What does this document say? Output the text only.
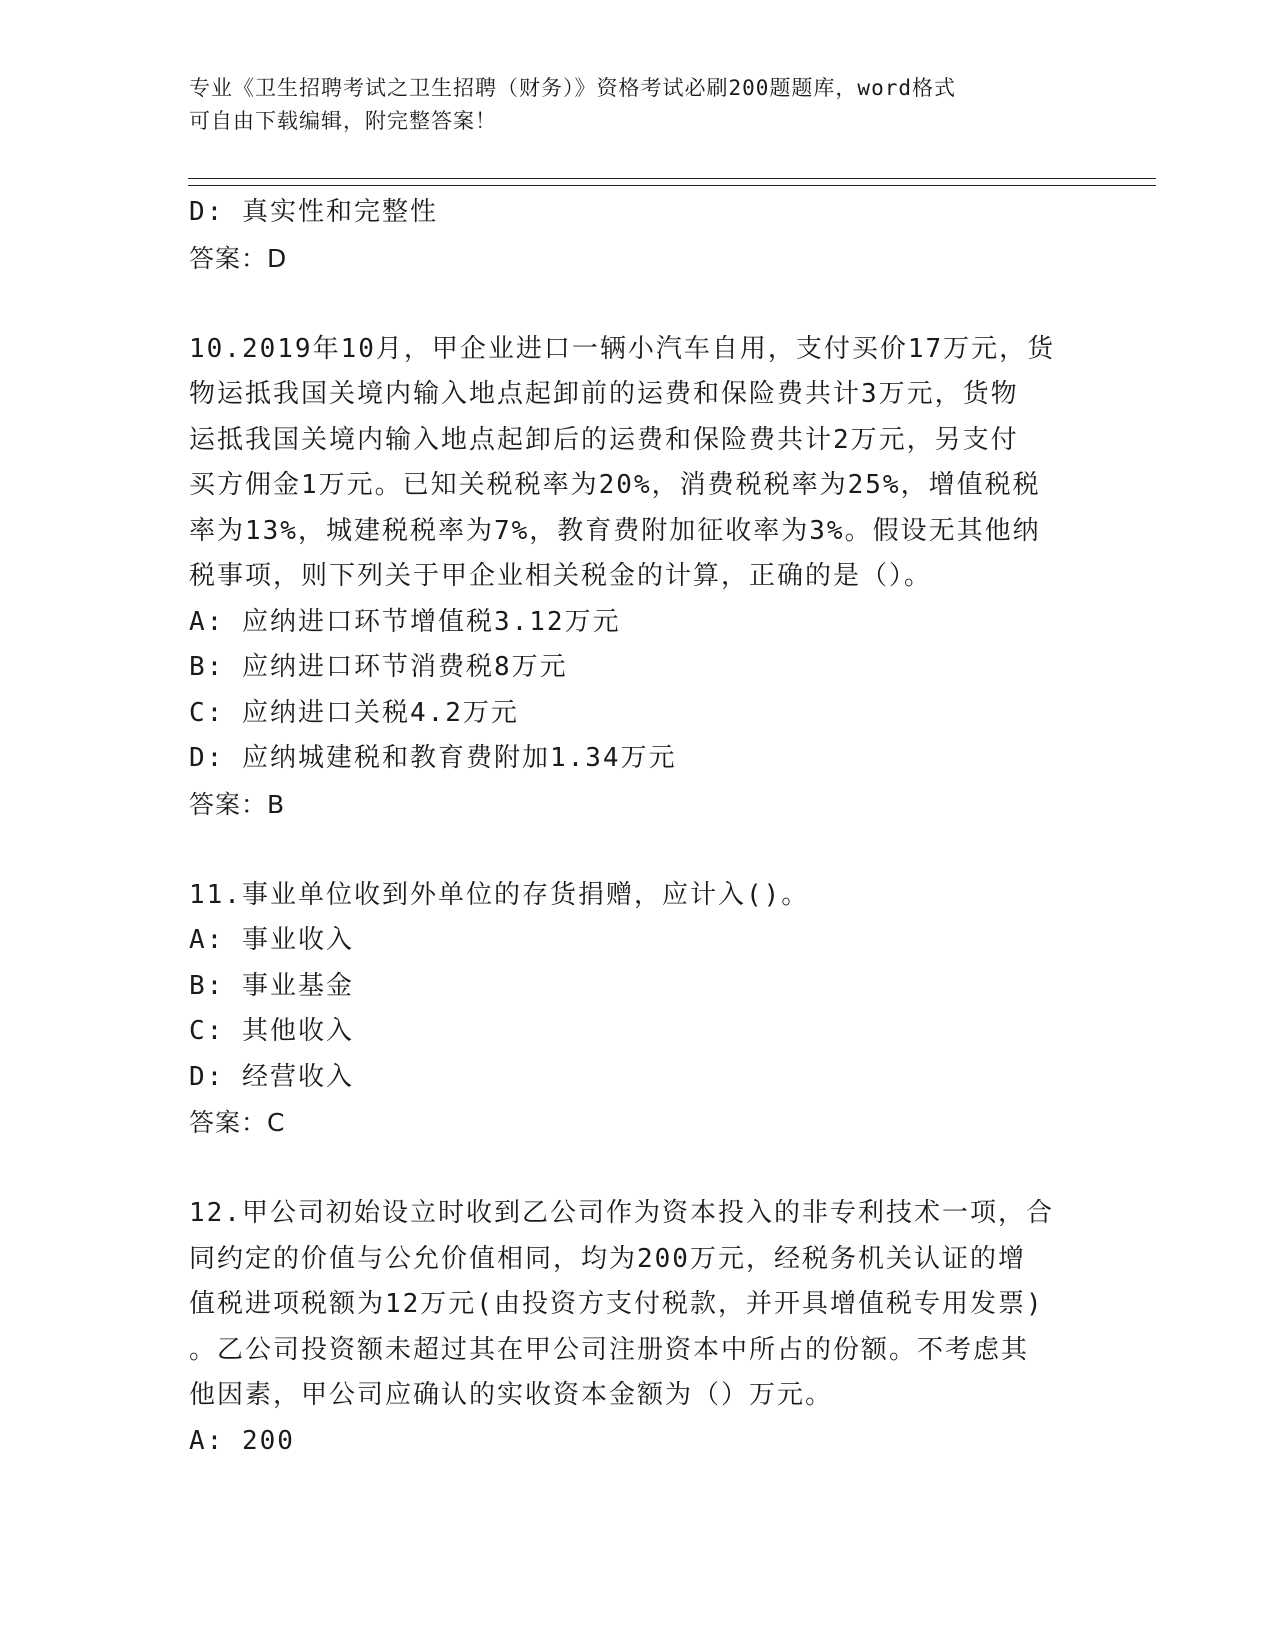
专业《卫生招聘考试之卫生招聘（财务）》资格考试必刷200题题库，word格式
可自由下载编辑，附完整答案！
D: 真实性和完整性
答案：D
10.2019年10月，甲企业进口一辆小汽车自用，支付买价17万元，货
物运抵我国关境内输入地点起卸前的运费和保险费共计3万元，货物
运抵我国关境内输入地点起卸后的运费和保险费共计2万元，另支付
买方佣金1万元。已知关税税率为20%，消费税税率为25%，增值税税
率为13%，城建税税率为7%，教育费附加征收率为3%。假设无其他纳
税事项，则下列关于甲企业相关税金的计算，正确的是（）。
A: 应纳进口环节增值税3.12万元
B: 应纳进口环节消费税8万元
C: 应纳进口关税4.2万元
D: 应纳城建税和教育费附加1.34万元
答案：B
11.事业单位收到外单位的存货捐赠，应计入()。
A: 事业收入
B: 事业基金
C: 其他收入
D: 经营收入
答案：C
12.甲公司初始设立时收到乙公司作为资本投入的非专利技术一项，合
同约定的价值与公允价值相同，均为200万元，经税务机关认证的增
值税进项税额为12万元(由投资方支付税款，并开具增值税专用发票)
。乙公司投资额未超过其在甲公司注册资本中所占的份额。不考虑其
他因素，甲公司应确认的实收资本金额为（）万元。
A: 200
